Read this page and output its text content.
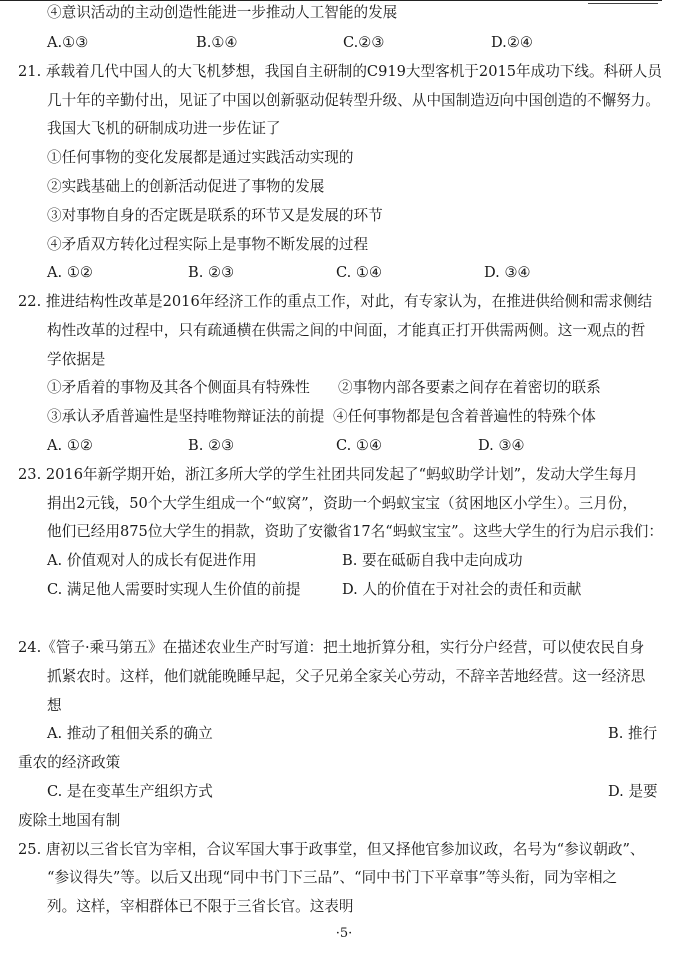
④意识活动的主动创造性能进一步推动人工智能的发展
A.①③	B.①④	C.②③	D.②④
21. 承载着几代中国人的大飞机梦想，我国自主研制的C919大型客机于2015年成功下线。科研人员
几十年的辛勤付出，见证了中国以创新驱动促转型升级、从中国制造迈向中国创造的不懈努力。
我国大飞机的研制成功进一步佐证了
①任何事物的变化发展都是通过实践活动实现的
②实践基础上的创新活动促进了事物的发展
③对事物自身的否定既是联系的环节又是发展的环节
④矛盾双方转化过程实际上是事物不断发展的过程
A. ①②	B. ②③	C. ①④	D. ③④
22. 推进结构性改革是2016年经济工作的重点工作，对此，有专家认为，在推进供给侧和需求侧结
构性改革的过程中，只有疏通横在供需之间的中间面，才能真正打开供需两侧。这一观点的哲
学依据是
①矛盾着的事物及其各个侧面具有特殊性 ②事物内部各要素之间存在着密切的联系
③承认矛盾普遍性是坚持唯物辩证法的前提 ④任何事物都是包含着普遍性的特殊个体
A. ①②	B. ②③	C. ①④	D. ③④
23. 2016年新学期开始，浙江多所大学的学生社团共同发起了“蚂蚁助学计划”，发动大学生每月
捐出2元钱，50个大学生组成一个“蚁窝”，资助一个蚂蚁宝宝（贫困地区小学生）。三月份，
他们已经用875位大学生的捐款，资助了安徽省17名“蚂蚁宝宝”。这些大学生的行为启示我们：
A. 价值观对人的成长有促进作用	B. 要在砥砺自我中走向成功
C. 满足他人需要时实现人生价值的前提	D. 人的价值在于对社会的责任和贡献
24.《管子·乘马第五》在描述农业生产时写道：把土地折算分租，实行分户经营，可以使农民自身
抓紧农时。这样，他们就能晚睡早起，父子兄弟全家关心劳动，不辞辛苦地经营。这一经济思
想
A. 推动了租佃关系的确立	B. 推行
重农的经济政策
C. 是在变革生产组织方式	D. 是要
废除土地国有制
25. 唐初以三省长官为宰相，合议军国大事于政事堂，但又择他官参加议政，名号为“参议朝政”、
“参议得失”等。以后又出现“同中书门下三品”、“同中书门下平章事”等头衔，同为宰相之
列。这样，宰相群体已不限于三省长官。这表明
·5·
